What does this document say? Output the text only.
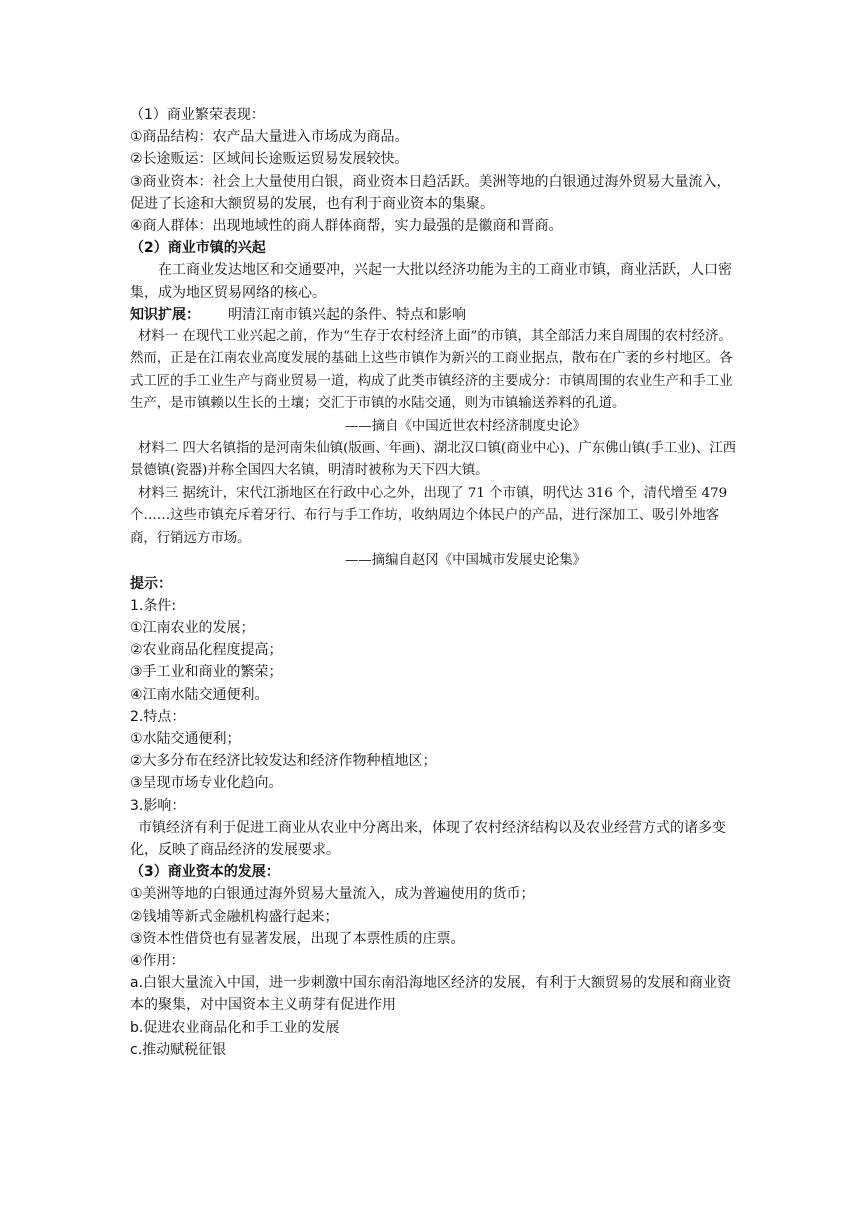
（1）商业繁荣表现：

①商品结构：农产品大量进入市场成为商品。

②长途贩运：区域间长途贩运贸易发展较快。

③商业资本：社会上大量使用白银，商业资本日趋活跃。美洲等地的白银通过海外贸易大量流入，促进了长途和大额贸易的发展，也有利于商业资本的集聚。

④商人群体：出现地域性的商人群体商帮，实力最强的是徽商和晋商。

（2）商业市镇的兴起

在工商业发达地区和交通要冲，兴起一大批以经济功能为主的工商业市镇，商业活跃，人口密集，成为地区贸易网络的核心。

知识扩展： 明清江南市镇兴起的条件、特点和影响

材料一 在现代工业兴起之前，作为“生存于农村经济上面”的市镇，其全部活力来自周围的农村经济。然而，正是在江南农业高度发展的基础上这些市镇作为新兴的工商业据点，散布在广袤的乡村地区。各式工匠的手工业生产与商业贸易一道，构成了此类市镇经济的主要成分：市镇周围的农业生产和手工业生产，是市镇赖以生长的土壤；交汇于市镇的水陆交通，则为市镇输送养料的孔道。

——摘自《中国近世农村经济制度史论》

材料二 四大名镇指的是河南朱仙镇(版画、年画)、湖北汉口镇(商业中心)、广东佛山镇(手工业)、江西景德镇(瓷器)并称全国四大名镇，明清时被称为天下四大镇。

材料三 据统计，宋代江浙地区在行政中心之外，出现了 71 个市镇，明代达 316 个，清代增至 479 个……这些市镇充斥着牙行、布行与手工作坊，收纳周边个体民户的产品，进行深加工、吸引外地客商，行销远方市场。

——摘编自赵冈《中国城市发展史论集》

提示：

1.条件:

①江南农业的发展；

②农业商品化程度提高；

③手工业和商业的繁荣；

④江南水陆交通便利。

2.特点：

①水陆交通便利；

②大多分布在经济比较发达和经济作物种植地区；

③呈现市场专业化趋向。

3.影响：

市镇经济有利于促进工商业从农业中分离出来，体现了农村经济结构以及农业经营方式的诸多变化，反映了商品经济的发展要求。

（3）商业资本的发展：

①美洲等地的白银通过海外贸易大量流入，成为普遍使用的货币；

②钱埔等新式金融机构盛行起来；

③资本性借贷也有显著发展，出现了本票性质的庄票。

④作用：

a.白银大量流入中国，进一步刺激中国东南沿海地区经济的发展，有利于大额贸易的发展和商业资本的聚集，对中国资本主义萌芽有促进作用

b.促进农业商品化和手工业的发展

c.推动赋税征银
